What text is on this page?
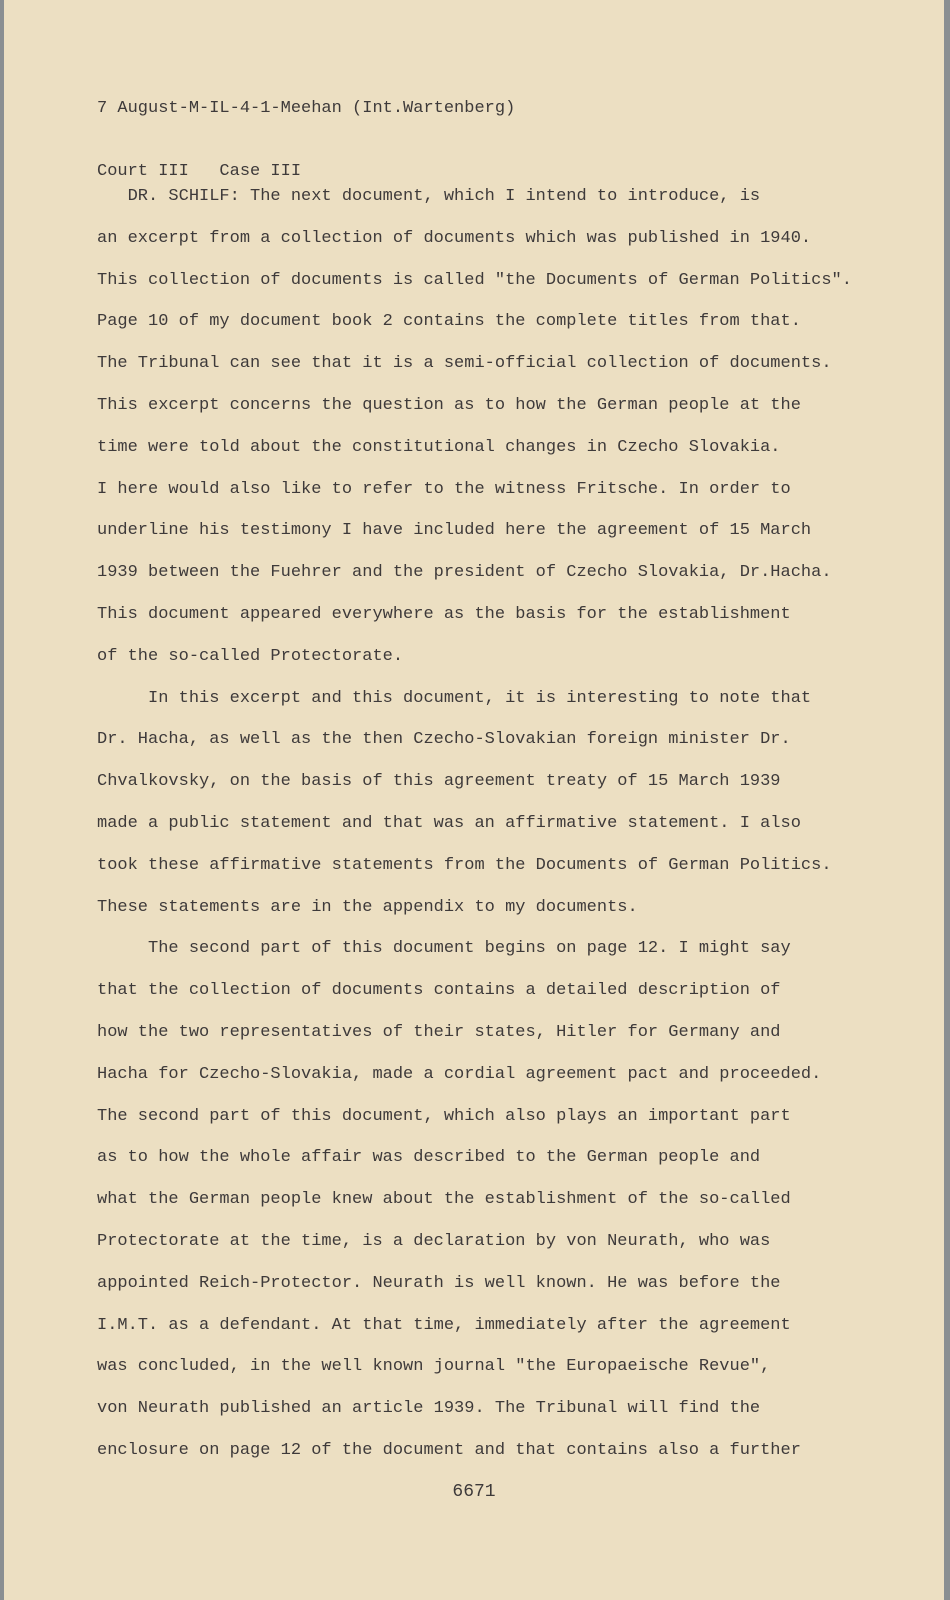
7 August-M-IL-4-1-Meehan (Int.Wartenberg)

Court III   Case III

DR. SCHILF: The next document, which I intend to introduce, is
an excerpt from a collection of documents which was published in 1940.
This collection of documents is called "the Documents of German Politics".
Page 10 of my document book 2 contains the complete titles from that.
The Tribunal can see that it is a semi-official collection of documents.
This excerpt concerns the question as to how the German people at the
time were told about the constitutional changes in Czecho Slovakia.
I here would also like to refer to the witness Fritsche. In order to
underline his testimony I have included here the agreement of 15 March
1939 between the Fuehrer and the president of Czecho Slovakia, Dr.Hacha.
This document appeared everywhere as the basis for the establishment
of the so-called Protectorate.
In this excerpt and this document, it is interesting to note that
Dr. Hacha, as well as the then Czecho-Slovakian foreign minister Dr.
Chvalkovsky, on the basis of this agreement treaty of 15 March 1939
made a public statement and that was an affirmative statement. I also
took these affirmative statements from the Documents of German Politics.
These statements are in the appendix to my documents.
The second part of this document begins on page 12. I might say
that the collection of documents contains a detailed description of
how the two representatives of their states, Hitler for Germany and
Hacha for Czecho-Slovakia, made a cordial agreement pact and proceeded.
The second part of this document, which also plays an important part
as to how the whole affair was described to the German people and
what the German people knew about the establishment of the so-called
Protectorate at the time, is a declaration by von Neurath, who was
appointed Reich-Protector. Neurath is well known. He was before the
I.M.T. as a defendant. At that time, immediately after the agreement
was concluded, in the well known journal "the Europaeische Revue",
von Neurath published an article 1939. The Tribunal will find the
enclosure on page 12 of the document and that contains also a further
6671
